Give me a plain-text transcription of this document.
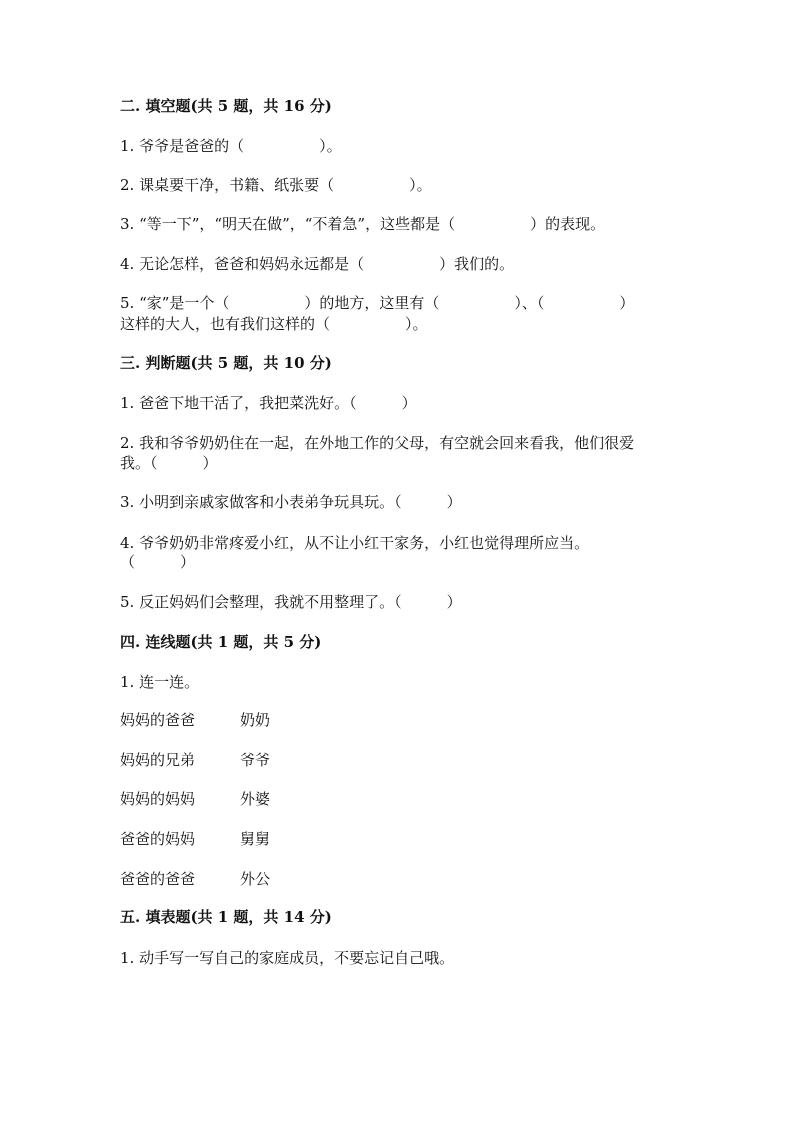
二. 填空题(共 5 题，共 16 分)
1. 爷爷是爸爸的（　　　　　）。
2. 课桌要干净，书籍、纸张要（　　　　　）。
3. “等一下”，“明天在做”，“不着急”，这些都是（　　　　　）的表现。
4. 无论怎样，爸爸和妈妈永远都是（　　　　　）我们的。
5. “家”是一个（　　　　　）的地方，这里有（　　　　　）、（　　　　　）
这样的大人，也有我们这样的（　　　　　）。
三. 判断题(共 5 题，共 10 分)
1. 爸爸下地干活了，我把菜洗好。（　　　）
2. 我和爷爷奶奶住在一起，在外地工作的父母，有空就会回来看我，他们很爱
我。（　　　）
3. 小明到亲戚家做客和小表弟争玩具玩。（　　　）
4. 爷爷奶奶非常疼爱小红，从不让小红干家务，小红也觉得理所应当。
（　　　）
5. 反正妈妈们会整理，我就不用整理了。（　　　）
四. 连线题(共 1 题，共 5 分)
1. 连一连。
妈妈的爸爸	奶奶
妈妈的兄弟	爷爷
妈妈的妈妈	外婆
爸爸的妈妈	舅舅
爸爸的爸爸	外公
五. 填表题(共 1 题，共 14 分)
1. 动手写一写自己的家庭成员，不要忘记自己哦。
